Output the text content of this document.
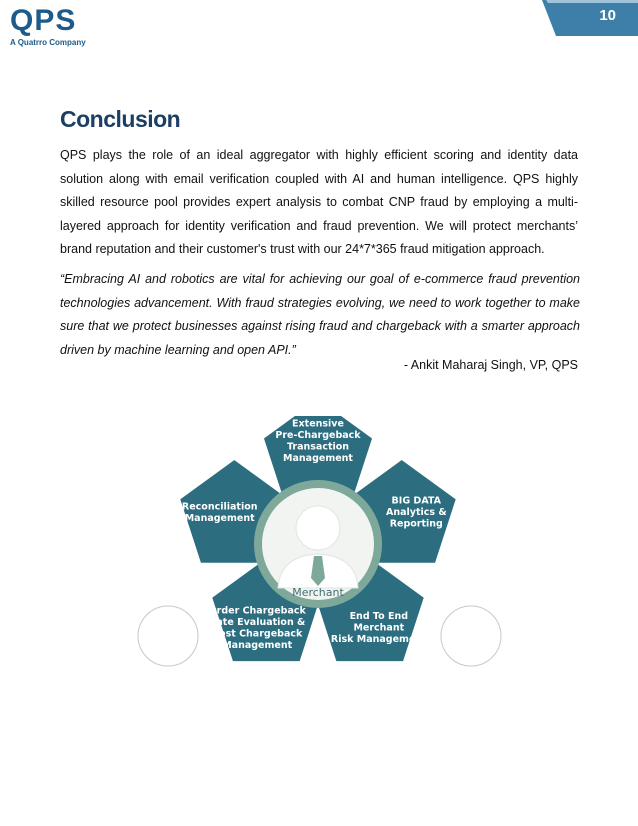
QPS
A Quatrro Company
10
Conclusion
QPS plays the role of an ideal aggregator with highly efficient scoring and identity data solution along with email verification coupled with AI and human intelligence. QPS highly skilled resource pool provides expert analysis to combat CNP fraud by employing a multi-layered approach for identity verification and fraud prevention. We will protect merchants’ brand reputation and their customer's trust with our 24*7*365 fraud mitigation approach.
“Embracing AI and robotics are vital for achieving our goal of e-commerce fraud prevention technologies advancement. With fraud strategies evolving, we need to work together to make sure that we protect businesses against rising fraud and chargeback with a smarter approach driven by machine learning and open API.”
- Ankit Maharaj Singh, VP, QPS
Extensive
Pre-Chargeback
Transaction
Management
BIG DATA
Analytics &
Reporting
End To End
Merchant
Risk Management
Order Chargeback
Rate Evaluation &
Post Chargeback
Management
Reconciliation
Management
Merchant
